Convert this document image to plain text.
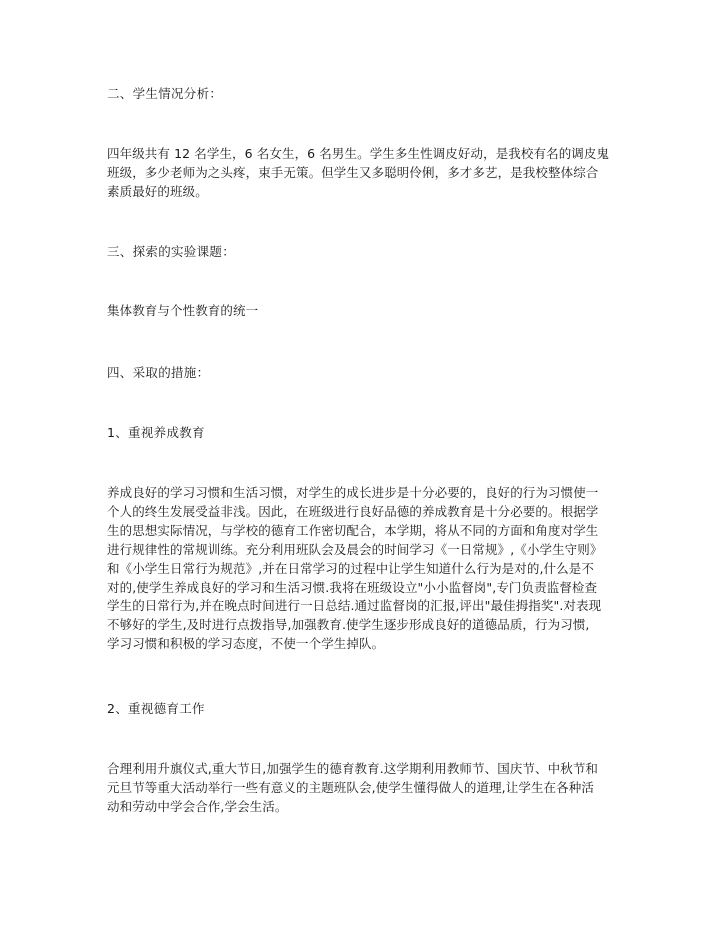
二、学生情况分析：
四年级共有 12 名学生，6 名女生，6 名男生。学生多生性调皮好动，是我校有名的调皮鬼
班级，多少老师为之头疼，束手无策。但学生又多聪明伶俐，多才多艺，是我校整体综合
素质最好的班级。
三、探索的实验课题：
集体教育与个性教育的统一
四、采取的措施：
1、重视养成教育
养成良好的学习习惯和生活习惯，对学生的成长进步是十分必要的，良好的行为习惯使一
个人的终生发展受益非浅。因此，在班级进行良好品德的养成教育是十分必要的。根据学
生的思想实际情况，与学校的德育工作密切配合，本学期，将从不同的方面和角度对学生
进行规律性的常规训练。充分利用班队会及晨会的时间学习《一日常规》,《小学生守则》
和《小学生日常行为规范》,并在日常学习的过程中让学生知道什么行为是对的,什么是不
对的,使学生养成良好的学习和生活习惯.我将在班级设立"小小监督岗",专门负责监督检查
学生的日常行为,并在晚点时间进行一日总结.通过监督岗的汇报,评出"最佳拇指奖".对表现
不够好的学生,及时进行点拨指导,加强教育.使学生逐步形成良好的道德品质，行为习惯,
学习习惯和积极的学习态度，不使一个学生掉队。
2、重视德育工作
合理利用升旗仪式,重大节日,加强学生的德育教育.这学期利用教师节、国庆节、中秋节和
元旦节等重大活动举行一些有意义的主题班队会,使学生懂得做人的道理,让学生在各种活
动和劳动中学会合作,学会生活。
